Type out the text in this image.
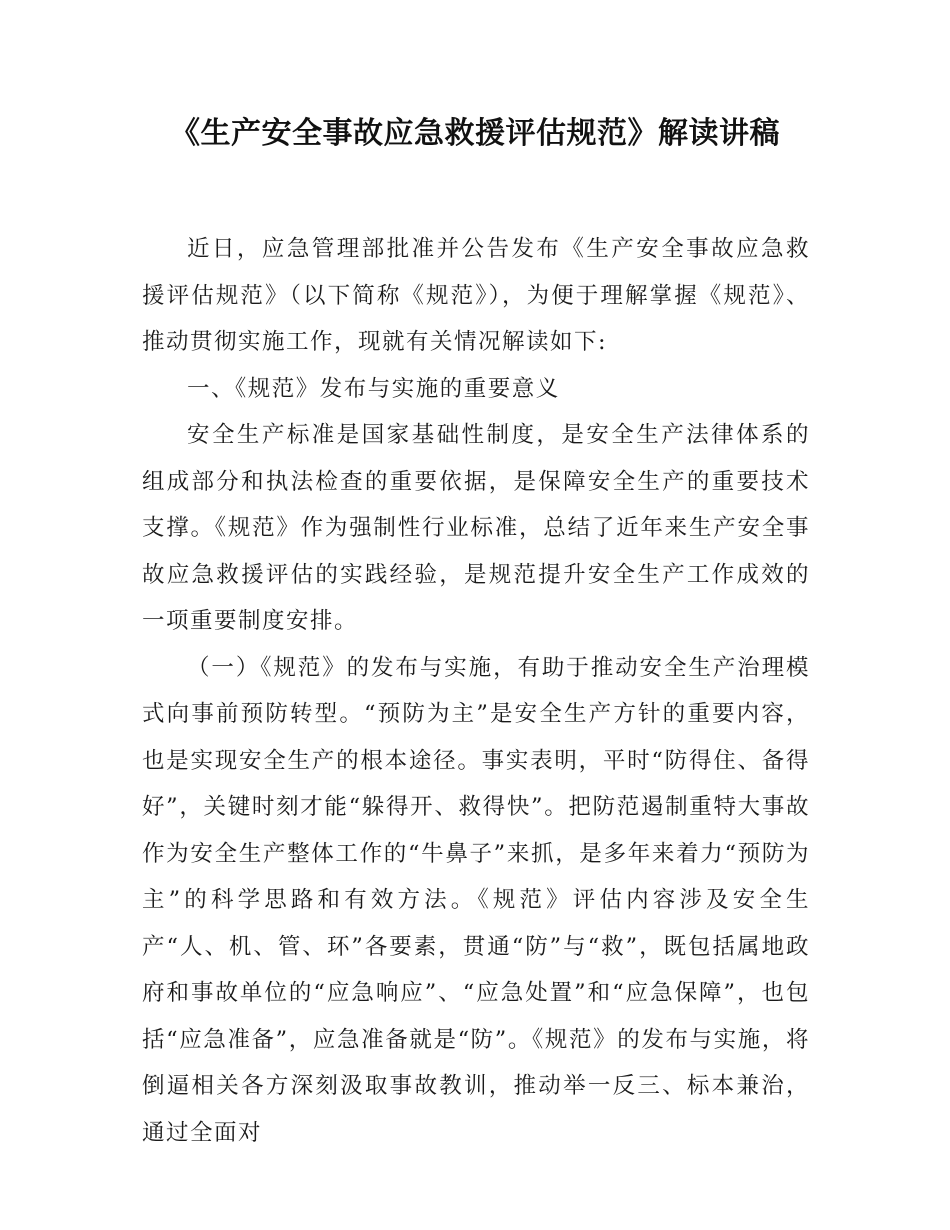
《生产安全事故应急救援评估规范》解读讲稿

近日，应急管理部批准并公告发布《生产安全事故应急救援评估规范》（以下简称《规范》），为便于理解掌握《规范》、推动贯彻实施工作，现就有关情况解读如下:

一、《规范》发布与实施的重要意义

安全生产标准是国家基础性制度，是安全生产法律体系的组成部分和执法检查的重要依据，是保障安全生产的重要技术支撑。《规范》作为强制性行业标准，总结了近年来生产安全事故应急救援评估的实践经验，是规范提升安全生产工作成效的一项重要制度安排。

（一）《规范》的发布与实施，有助于推动安全生产治理模式向事前预防转型。“预防为主”是安全生产方针的重要内容，也是实现安全生产的根本途径。事实表明，平时“防得住、备得好”，关键时刻才能“躲得开、救得快”。把防范遏制重特大事故作为安全生产整体工作的“牛鼻子”来抓，是多年来着力“预防为主”的科学思路和有效方法。《规范》评估内容涉及安全生产“人、机、管、环”各要素，贯通“防”与“救”，既包括属地政府和事故单位的“应急响应”、“应急处置”和“应急保障”，也包括“应急准备”，应急准备就是“防”。《规范》的发布与实施，将倒逼相关各方深刻汲取事故教训，推动举一反三、标本兼治，通过全面对
